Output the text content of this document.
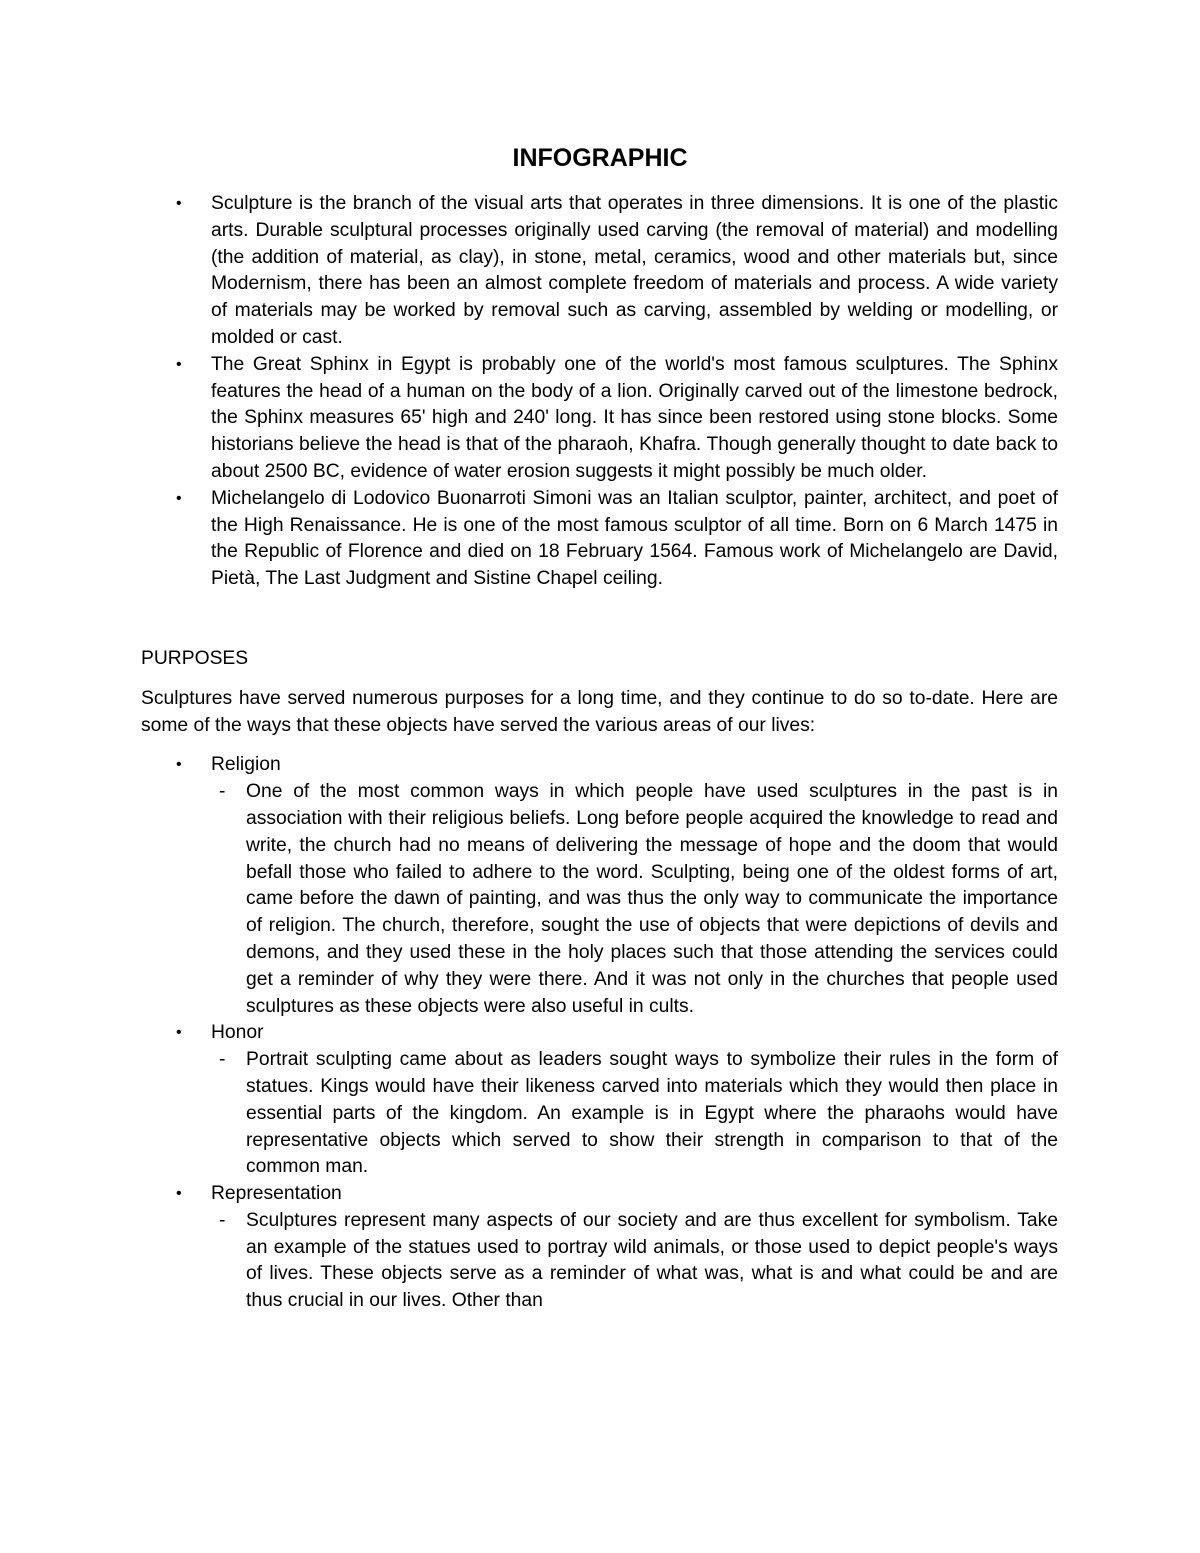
INFOGRAPHIC
• Sculpture is the branch of the visual arts that operates in three dimensions. It is one of the plastic arts. Durable sculptural processes originally used carving (the removal of material) and modelling (the addition of material, as clay), in stone, metal, ceramics, wood and other materials but, since Modernism, there has been an almost complete freedom of materials and process. A wide variety of materials may be worked by removal such as carving, assembled by welding or modelling, or molded or cast.
• The Great Sphinx in Egypt is probably one of the world's most famous sculptures. The Sphinx features the head of a human on the body of a lion. Originally carved out of the limestone bedrock, the Sphinx measures 65' high and 240' long. It has since been restored using stone blocks. Some historians believe the head is that of the pharaoh, Khafra. Though generally thought to date back to about 2500 BC, evidence of water erosion suggests it might possibly be much older.
• Michelangelo di Lodovico Buonarroti Simoni was an Italian sculptor, painter, architect, and poet of the High Renaissance. He is one of the most famous sculptor of all time. Born on 6 March 1475 in the Republic of Florence and died on 18 February 1564. Famous work of Michelangelo are David, Pietà, The Last Judgment and Sistine Chapel ceiling.
PURPOSES

Sculptures have served numerous purposes for a long time, and they continue to do so to-date. Here are some of the ways that these objects have served the various areas of our lives:

• Religion
- One of the most common ways in which people have used sculptures in the past is in association with their religious beliefs. Long before people acquired the knowledge to read and write, the church had no means of delivering the message of hope and the doom that would befall those who failed to adhere to the word. Sculpting, being one of the oldest forms of art, came before the dawn of painting, and was thus the only way to communicate the importance of religion. The church, therefore, sought the use of objects that were depictions of devils and demons, and they used these in the holy places such that those attending the services could get a reminder of why they were there. And it was not only in the churches that people used sculptures as these objects were also useful in cults.
• Honor
- Portrait sculpting came about as leaders sought ways to symbolize their rules in the form of statues. Kings would have their likeness carved into materials which they would then place in essential parts of the kingdom. An example is in Egypt where the pharaohs would have representative objects which served to show their strength in comparison to that of the common man.
• Representation
- Sculptures represent many aspects of our society and are thus excellent for symbolism. Take an example of the statues used to portray wild animals, or those used to depict people's ways of lives. These objects serve as a reminder of what was, what is and what could be and are thus crucial in our lives. Other than
